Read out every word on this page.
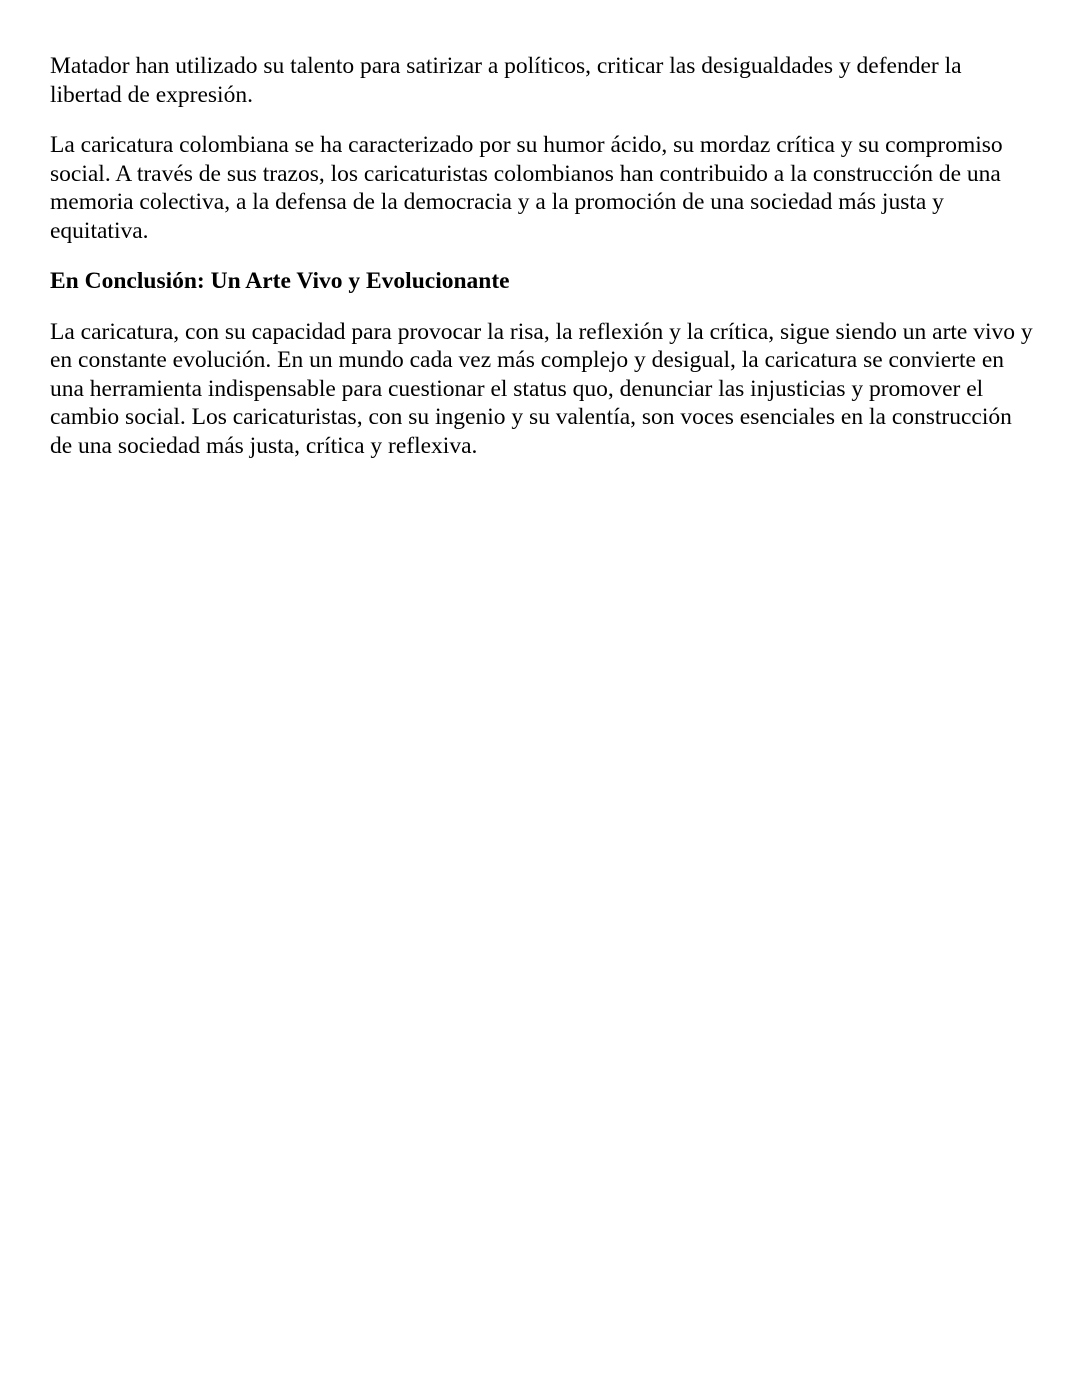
Matador han utilizado su talento para satirizar a políticos, criticar las desigualdades y defender la libertad de expresión.

La caricatura colombiana se ha caracterizado por su humor ácido, su mordaz crítica y su compromiso social. A través de sus trazos, los caricaturistas colombianos han contribuido a la construcción de una memoria colectiva, a la defensa de la democracia y a la promoción de una sociedad más justa y equitativa.

En Conclusión: Un Arte Vivo y Evolucionante

La caricatura, con su capacidad para provocar la risa, la reflexión y la crítica, sigue siendo un arte vivo y en constante evolución. En un mundo cada vez más complejo y desigual, la caricatura se convierte en una herramienta indispensable para cuestionar el status quo, denunciar las injusticias y promover el cambio social. Los caricaturistas, con su ingenio y su valentía, son voces esenciales en la construcción de una sociedad más justa, crítica y reflexiva.
